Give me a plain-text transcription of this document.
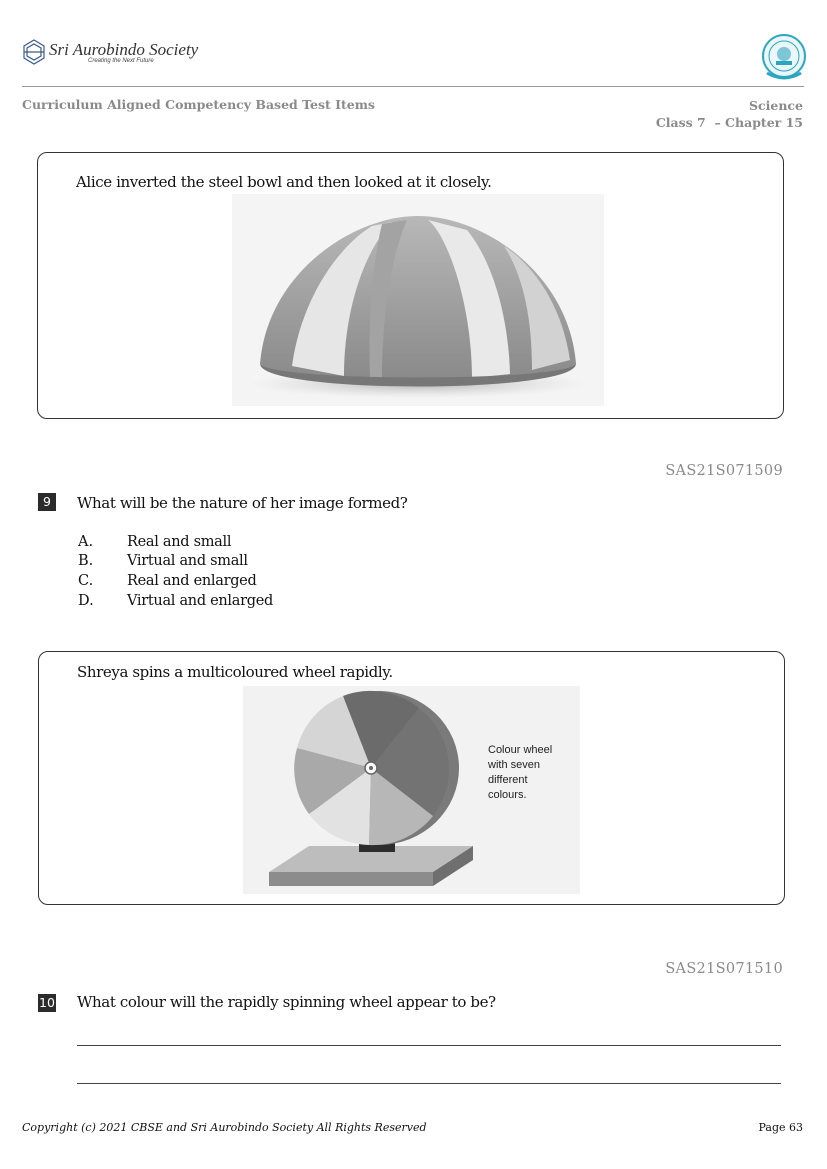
Sri Aurobindo Society
Creating the Next Future
Curriculum Aligned Competency Based Test Items	Science
Class 7  – Chapter 15
Alice inverted the steel bowl and then looked at it closely.
SAS21S071509
9	What will be the nature of her image formed?
A. Real and small
B. Virtual and small
C. Real and enlarged
D. Virtual and enlarged
Shreya spins a multicoloured wheel rapidly.
Colour wheel
with seven
different
colours.
SAS21S071510
10 What colour will the rapidly spinning wheel appear to be?
Copyright (c) 2021 CBSE and Sri Aurobindo Society All Rights Reserved	Page 63
